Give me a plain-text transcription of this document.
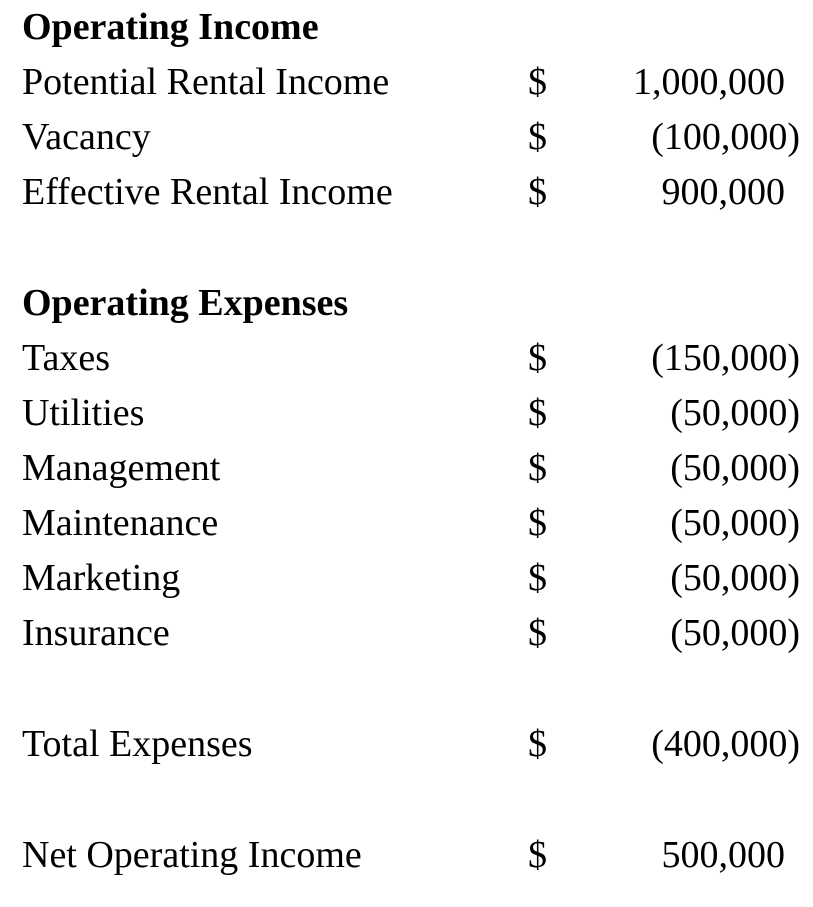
Operating Income
Potential Rental Income	$	1,000,000
Vacancy	$	(100,000)
Effective Rental Income	$	900,000
Operating Expenses
Taxes	$	(150,000)
Utilities	$	(50,000)
Management	$	(50,000)
Maintenance	$	(50,000)
Marketing	$	(50,000)
Insurance	$	(50,000)
Total Expenses	$	(400,000)
Net Operating Income	$	500,000
